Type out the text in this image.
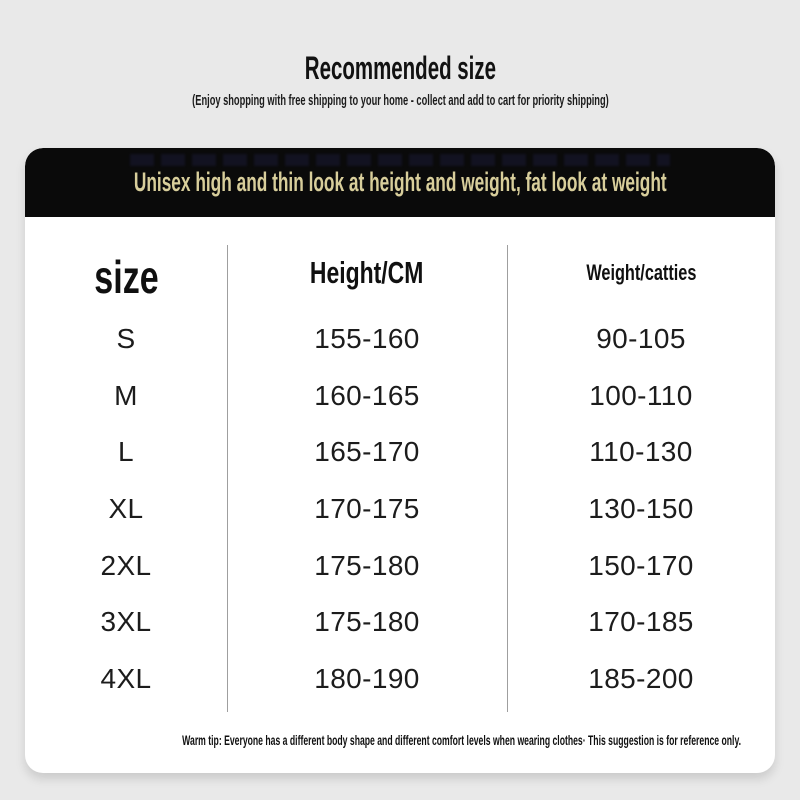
Recommended size
(Enjoy shopping with free shipping to your home - collect and add to cart for priority shipping)
Unisex high and thin look at height and weight, fat look at weight
size	Height/CM	Weight/catties
S	155-160	90-105
M	160-165	100-110
L	165-170	110-130
XL	170-175	130-150
2XL	175-180	150-170
3XL	175-180	170-185
4XL	180-190	185-200
Warm tip: Everyone has a different body shape and different comfort levels when wearing clothes· This suggestion is for reference only.
